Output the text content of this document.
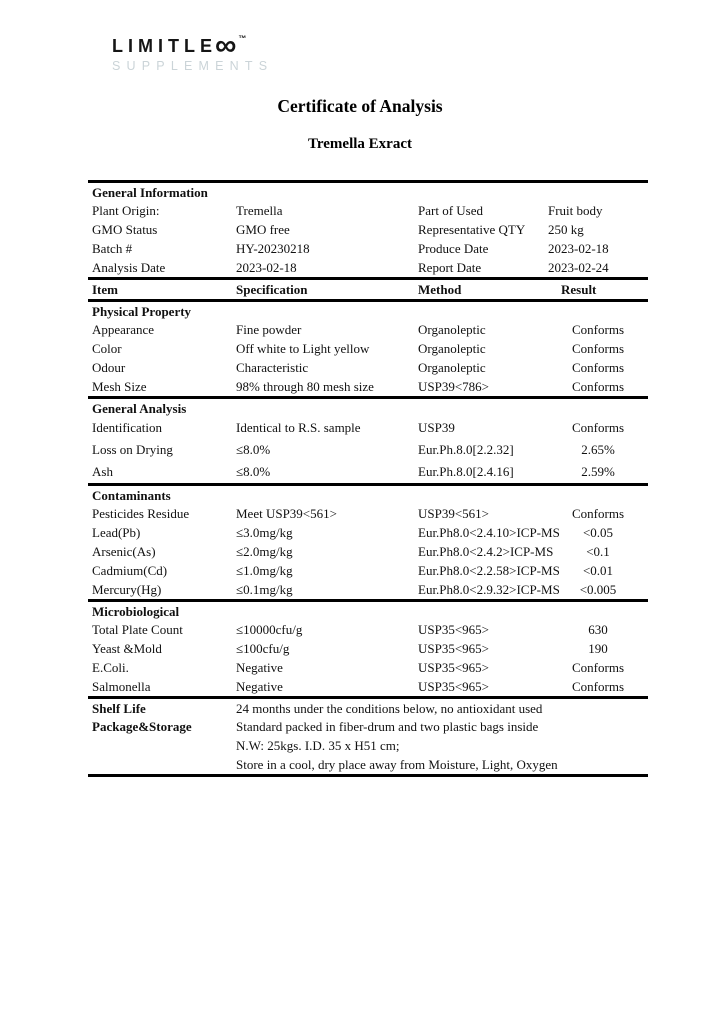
LIMITLE
∞ ™
SUPPLEMENTS
Certificate of Analysis
Tremella Exract
General Information
Plant Origin:	Tremella	Part of Used	Fruit body
GMO Status	GMO free	Representative QTY	250 kg
Batch #	HY-20230218	Produce Date	2023-02-18
Analysis Date	2023-02-18	Report Date	2023-02-24
Item	Specification	Method	Result
Physical Property
Appearance	Fine powder	Organoleptic	Conforms
Color	Off white to Light yellow	Organoleptic	Conforms
Odour	Characteristic	Organoleptic	Conforms
Mesh Size	98% through 80 mesh size	USP39<786>	Conforms
General Analysis
Identification	Identical to R.S. sample	USP39	Conforms
Loss on Drying	≤8.0%	Eur.Ph.8.0[2.2.32]	2.65%
Ash	≤8.0%	Eur.Ph.8.0[2.4.16]	2.59%
Contaminants
Pesticides Residue	Meet USP39<561>	USP39<561>	Conforms
Lead(Pb)	≤3.0mg/kg	Eur.Ph8.0<2.4.10>ICP-MS	<0.05
Arsenic(As)	≤2.0mg/kg	Eur.Ph8.0<2.4.2>ICP-MS	<0.1
Cadmium(Cd)	≤1.0mg/kg	Eur.Ph8.0<2.2.58>ICP-MS	<0.01
Mercury(Hg)	≤0.1mg/kg	Eur.Ph8.0<2.9.32>ICP-MS	<0.005
Microbiological
Total Plate Count	≤10000cfu/g	USP35<965>	630
Yeast &Mold	≤100cfu/g	USP35<965>	190
E.Coli.	Negative	USP35<965>	Conforms
Salmonella	Negative	USP35<965>	Conforms
Shelf Life	24 months under the conditions below, no antioxidant used
Package&Storage	Standard packed in fiber-drum and two plastic bags inside
N.W: 25kgs. I.D. 35 x H51 cm;
Store in a cool, dry place away from Moisture, Light, Oxygen
